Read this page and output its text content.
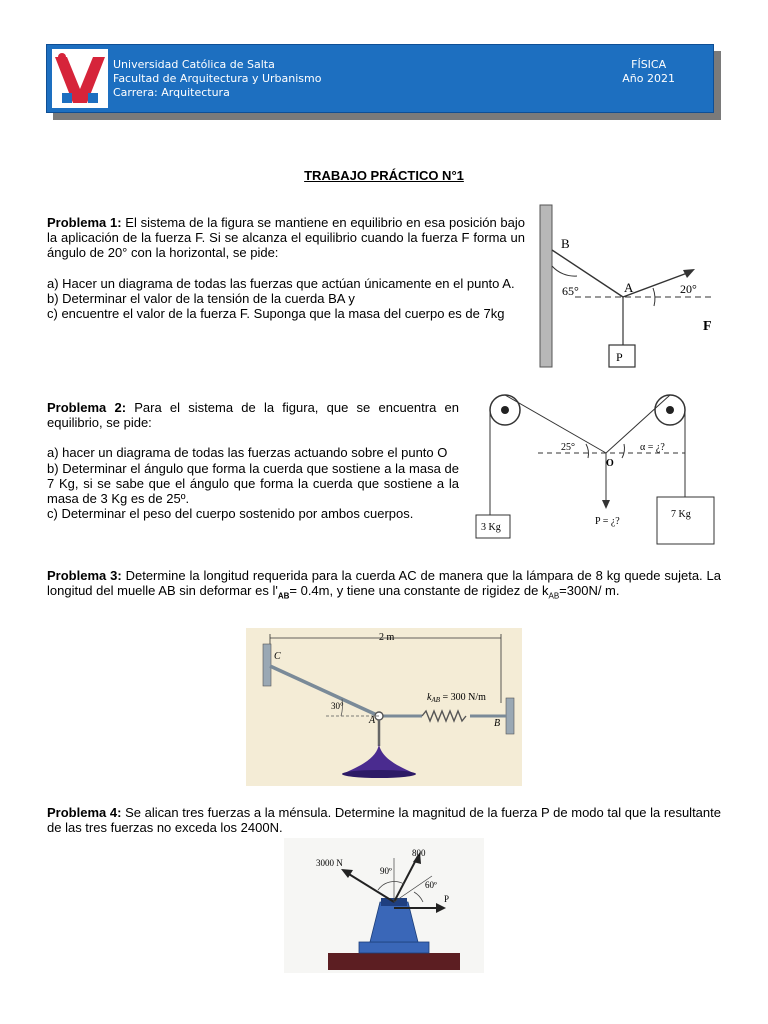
Universidad Católica de Salta
Facultad de Arquitectura y Urbanismo
Carrera: Arquitectura
FÍSICA
Año 2021
TRABAJO PRÁCTICO N°1

Problema 1: El sistema de la figura se mantiene en equilibrio en esa posición bajo la aplicación de la fuerza F. Si se alcanza el equilibrio cuando la fuerza F forma un ángulo de 20° con la horizontal, se pide:

a) Hacer un diagrama de todas las fuerzas que actúan únicamente en el punto A.

b) Determinar el valor de la tensión de la cuerda BA y

c) encuentre el valor de la fuerza F. Suponga que la masa del cuerpo es de 7kg

B
A
65°	20°
F
P

Problema 2: Para el sistema de la figura, que se encuentra en equilibrio, se pide:

a) hacer un diagrama de todas las fuerzas actuando sobre el punto O

b) Determinar el ángulo que forma la cuerda que sostiene a la masa de 7 Kg, si se sabe que el ángulo que forma la cuerda que sostiene a la masa de 3 Kg es de 25º.

c) Determinar el peso del cuerpo sostenido por ambos cuerpos.

25°	α = ¿?
O
P = ¿?
3 Kg
7 Kg

Problema 3: Determine la longitud requerida para la cuerda AC de manera que la lámpara de 8 kg quede sujeta. La longitud del muelle AB sin deformar es $l'_{AB}= 0.4m$, y tiene una constante de rigidez de $k_{AB}=300N/$ m.

2 m
C
A	B
30°
$k_{AB} = 300$ N/m

Problema 4: Se alican tres fuerzas a la ménsula. Determine la magnitud de la fuerza P de modo tal que la resultante de las tres fuerzas no exceda los 2400N.

3000 N
800
90º
60º
P
